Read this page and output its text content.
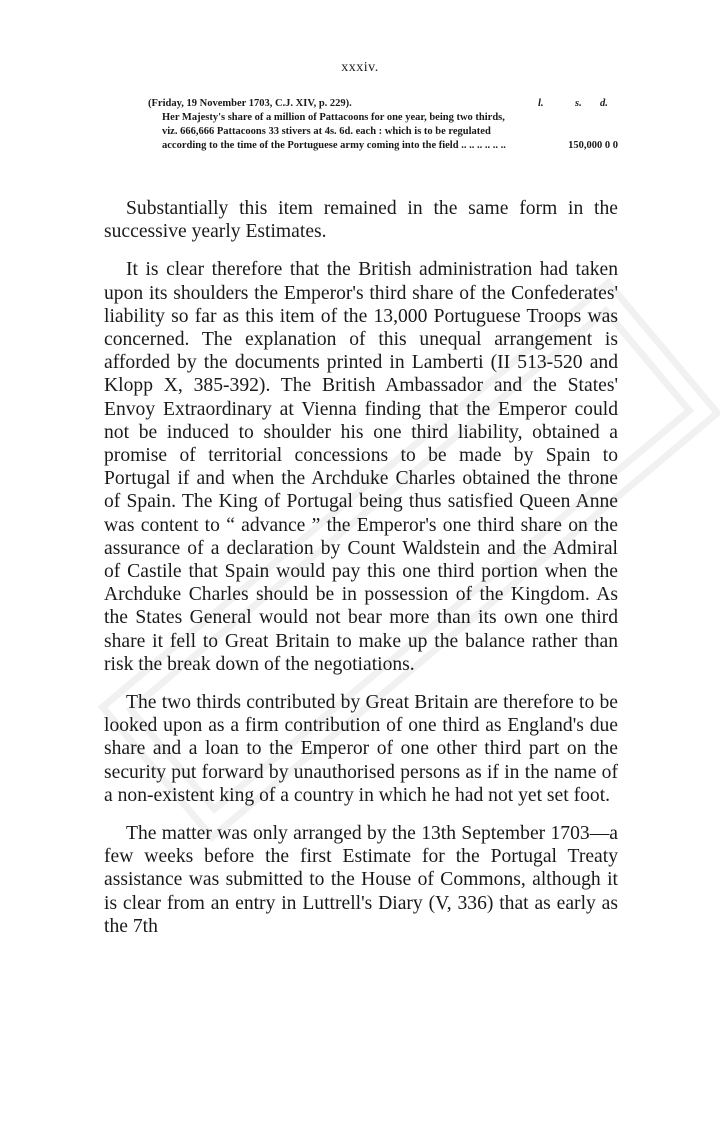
xxxiv.
(Friday, 19 November 1703, C.J. XIV, p. 229).	l.	s. d.
Her Majesty's share of a million of Pattacoons for one year, being two thirds, viz. 666,666 Pattacoons 33 stivers at 4s. 6d. each : which is to be regulated according to the time of the Portuguese army coming into the field .. .. .. .. .. ..	150,000 0 0

Substantially this item remained in the same form in the successive yearly Estimates.

It is clear therefore that the British administration had taken upon its shoulders the Emperor's third share of the Confederates' liability so far as this item of the 13,000 Portuguese Troops was concerned. The explanation of this unequal arrangement is afforded by the documents printed in Lamberti (II 513-520 and Klopp X, 385-392). The British Ambassador and the States' Envoy Extraordinary at Vienna finding that the Emperor could not be induced to shoulder his one third liability, obtained a promise of territorial concessions to be made by Spain to Portugal if and when the Archduke Charles obtained the throne of Spain. The King of Portugal being thus satisfied Queen Anne was content to “ advance ” the Emperor's one third share on the assurance of a declaration by Count Waldstein and the Admiral of Castile that Spain would pay this one third portion when the Archduke Charles should be in possession of the Kingdom. As the States General would not bear more than its own one third share it fell to Great Britain to make up the balance rather than risk the break down of the negotiations.

The two thirds contributed by Great Britain are therefore to be looked upon as a firm contribution of one third as England's due share and a loan to the Emperor of one other third part on the security put forward by unauthorised persons as if in the name of a non-existent king of a country in which he had not yet set foot.

The matter was only arranged by the 13th September 1703—a few weeks before the first Estimate for the Portugal Treaty assistance was submitted to the House of Commons, although it is clear from an entry in Luttrell's Diary (V, 336) that as early as the 7th
